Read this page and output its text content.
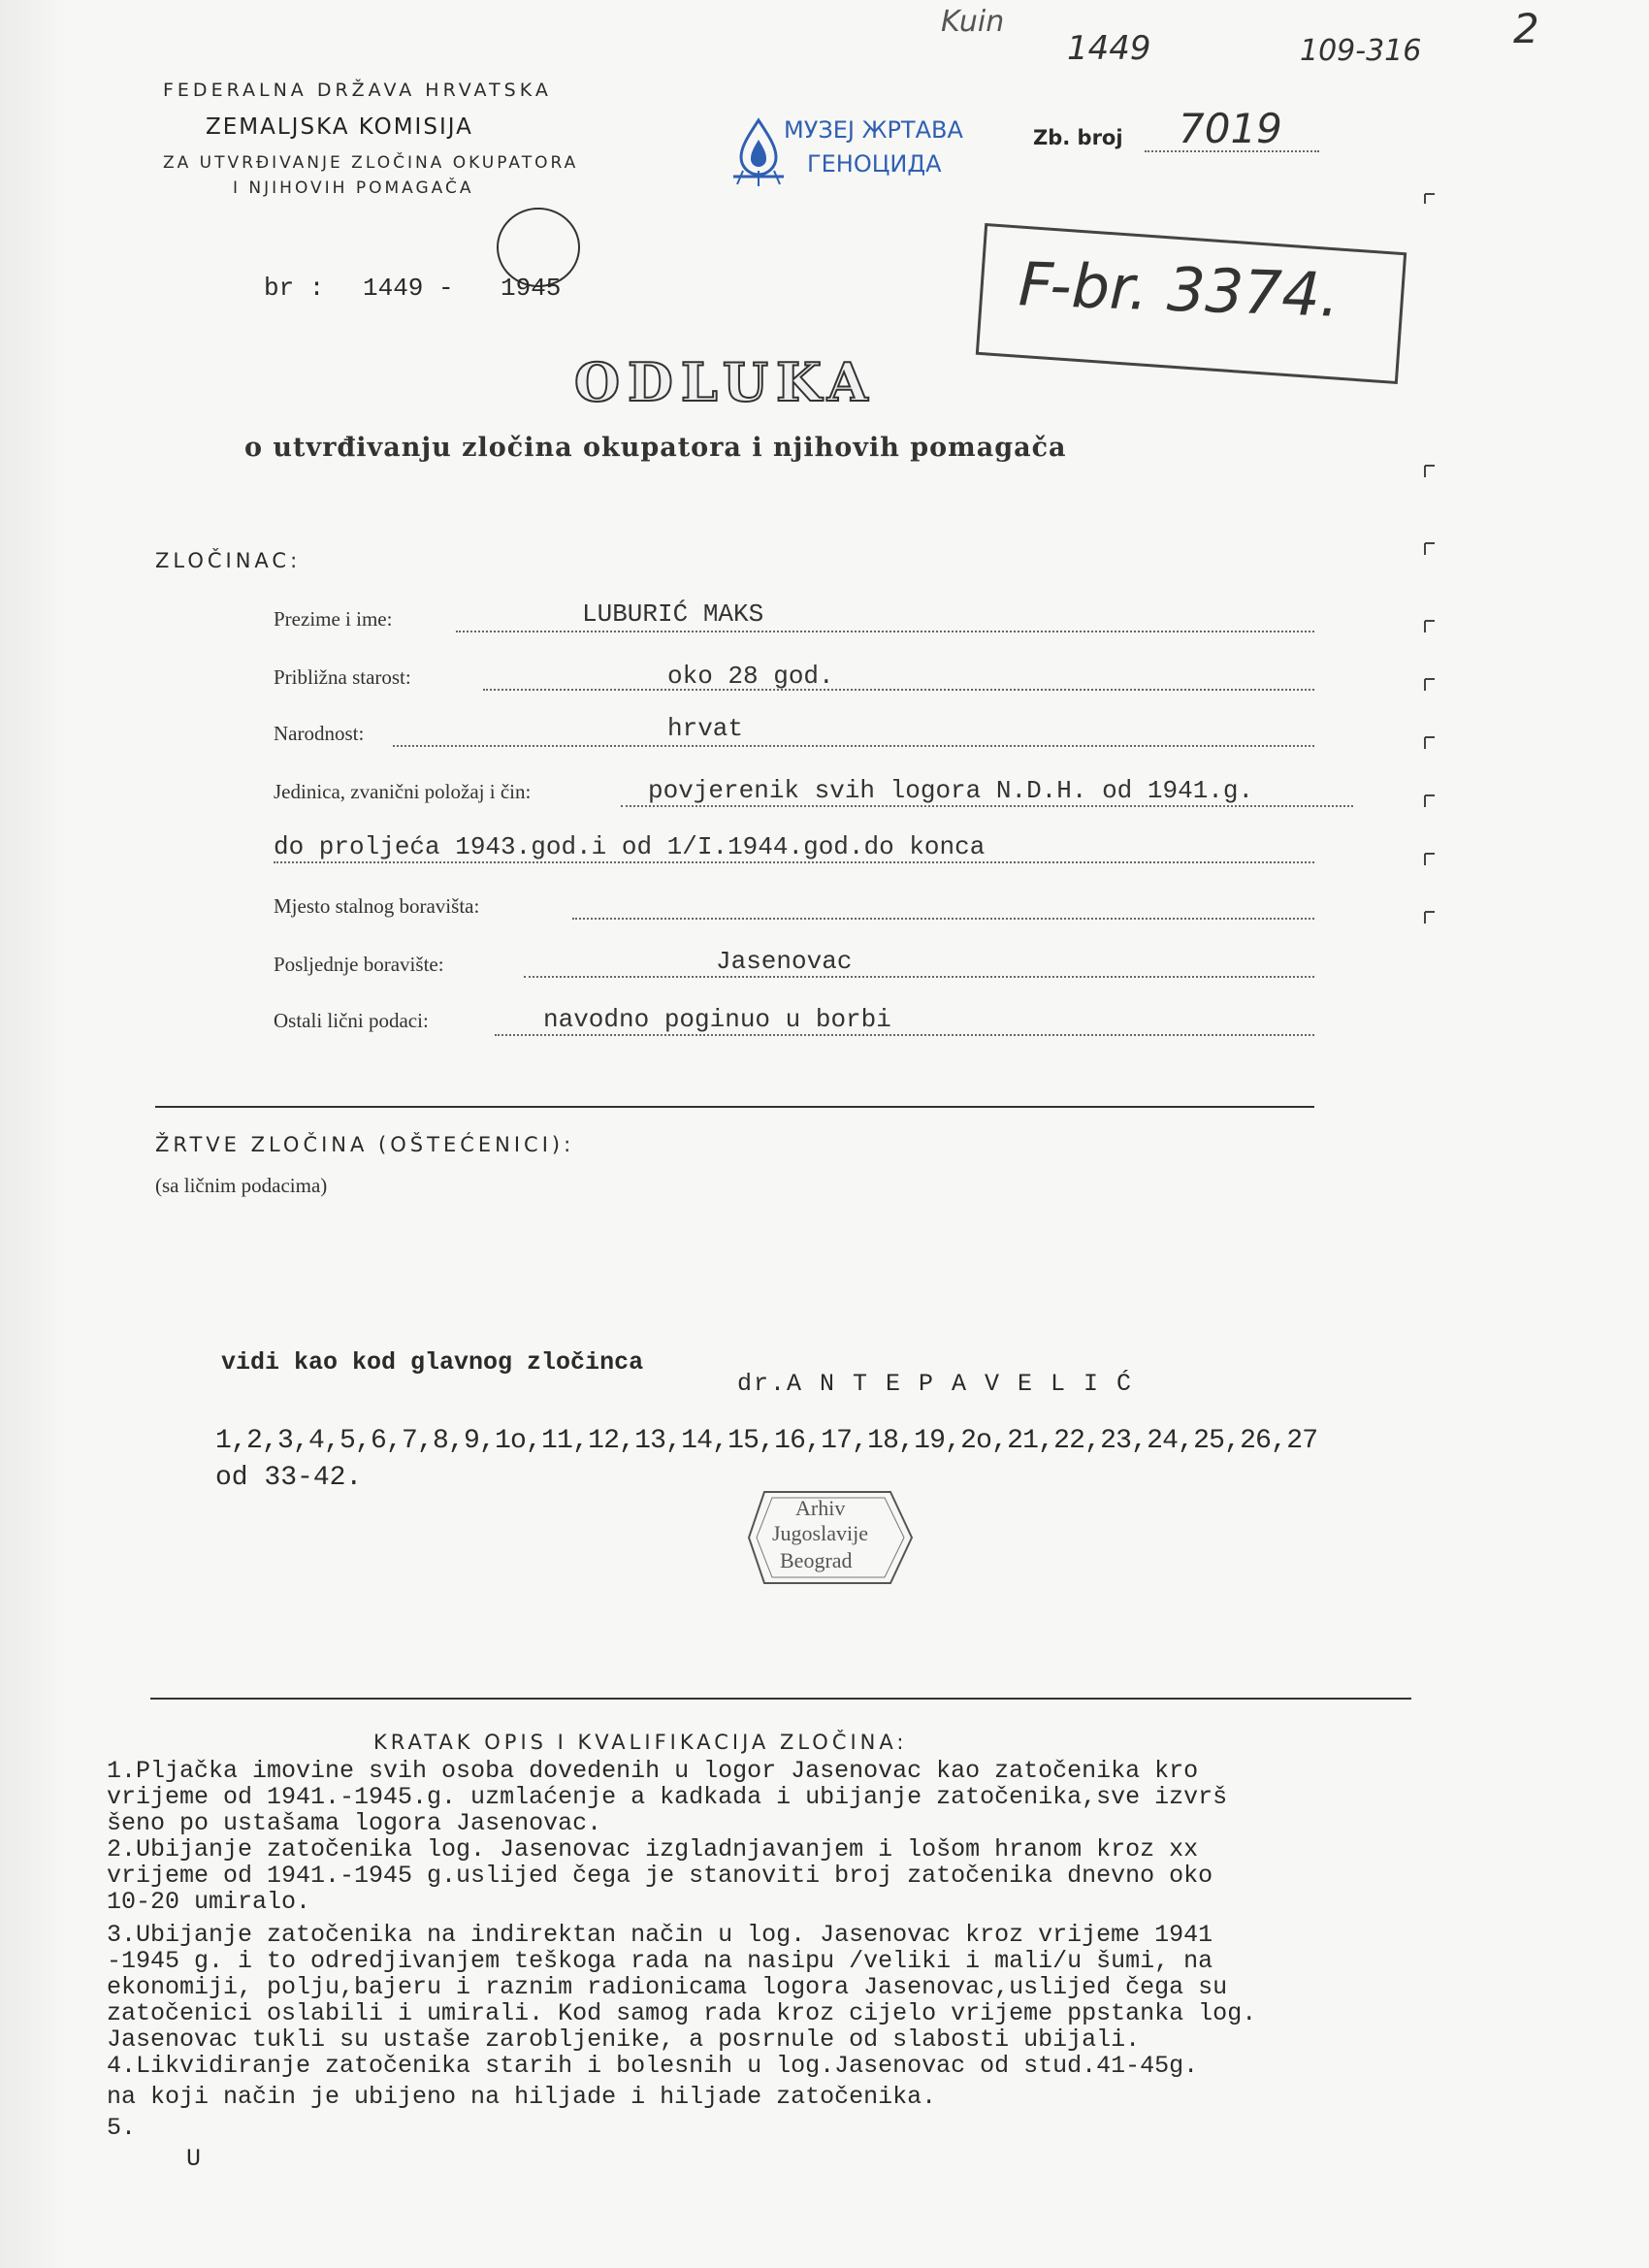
FEDERALNA DRŽAVA HRVATSKA
ZEMALJSKA KOMISIJA
ZA UTVRĐIVANJE ZLOČINA OKUPATORA
I NJIHOVIH POMAGAČA
br : 1449 - 1945
МУЗЕЈ ЖРТАВА
ГЕНОЦИДА
Zb. broj 7019
Kuin
1449	109-316 2
F-br. 3374.
ODLUKA
o utvrđivanju zločina okupatora i njihovih pomagača
ZLOČINAC:
Prezime i ime:	LUBURIĆ MAKS
Približna starost:	oko 28 god.
Narodnost:	hrvat
Jedinica, zvanični položaj i čin:	povjerenik svih logora N.D.H. od 1941.g.
do proljeća 1943.god.i od 1/I.1944.god.do konca
Mjesto stalnog boravišta:
Posljednje boravište:	Jasenovac
Ostali lični podaci:	navodno poginuo u borbi
ŽRTVE ZLOČINA (OŠTEĆENICI):
(sa ličnim podacima)
vidi kao kod glavnog zločinca
dr.A N T E P A V E L I Ć
1,2,3,4,5,6,7,8,9,1o,11,12,13,14,15,16,17,18,19,2o,21,22,23,24,25,26,27
od 33-42.
Arhiv
Jugoslavije
Beograd
KRATAK OPIS I KVALIFIKACIJA ZLOČINA:
1.Pljačka imovine svih osoba dovedenih u logor Jasenovac kao zatočenika kro
vrijeme od 1941.-1945.g. uzmlaćenje a kadkada i ubijanje zatočenika,sve izvrš
šeno po ustašama logora Jasenovac.
2.Ubijanje zatočenika log. Jasenovac izgladnjavanjem i lošom hranom kroz xx
vrijeme od 1941.-1945 g.uslijed čega je stanoviti broj zatočenika dnevno oko
10-20 umiralo.
3.Ubijanje zatočenika na indirektan način u log. Jasenovac kroz vrijeme 1941
-1945 g. i to odredjivanjem teškoga rada na nasipu /veliki i mali/u šumi, na
ekonomiji, polju,bajeru i raznim radionicama logora Jasenovac,uslijed čega su
zatočenici oslabili i umirali. Kod samog rada kroz cijelo vrijeme ppstanka log.
Jasenovac tukli su ustaše zarobljenike, a posrnule od slabosti ubijali.
4.Likvidiranje zatočenika starih i bolesnih u log.Jasenovac od stud.41-45g.
na koji način je ubijeno na hiljade i hiljade zatočenika.
5.
U
